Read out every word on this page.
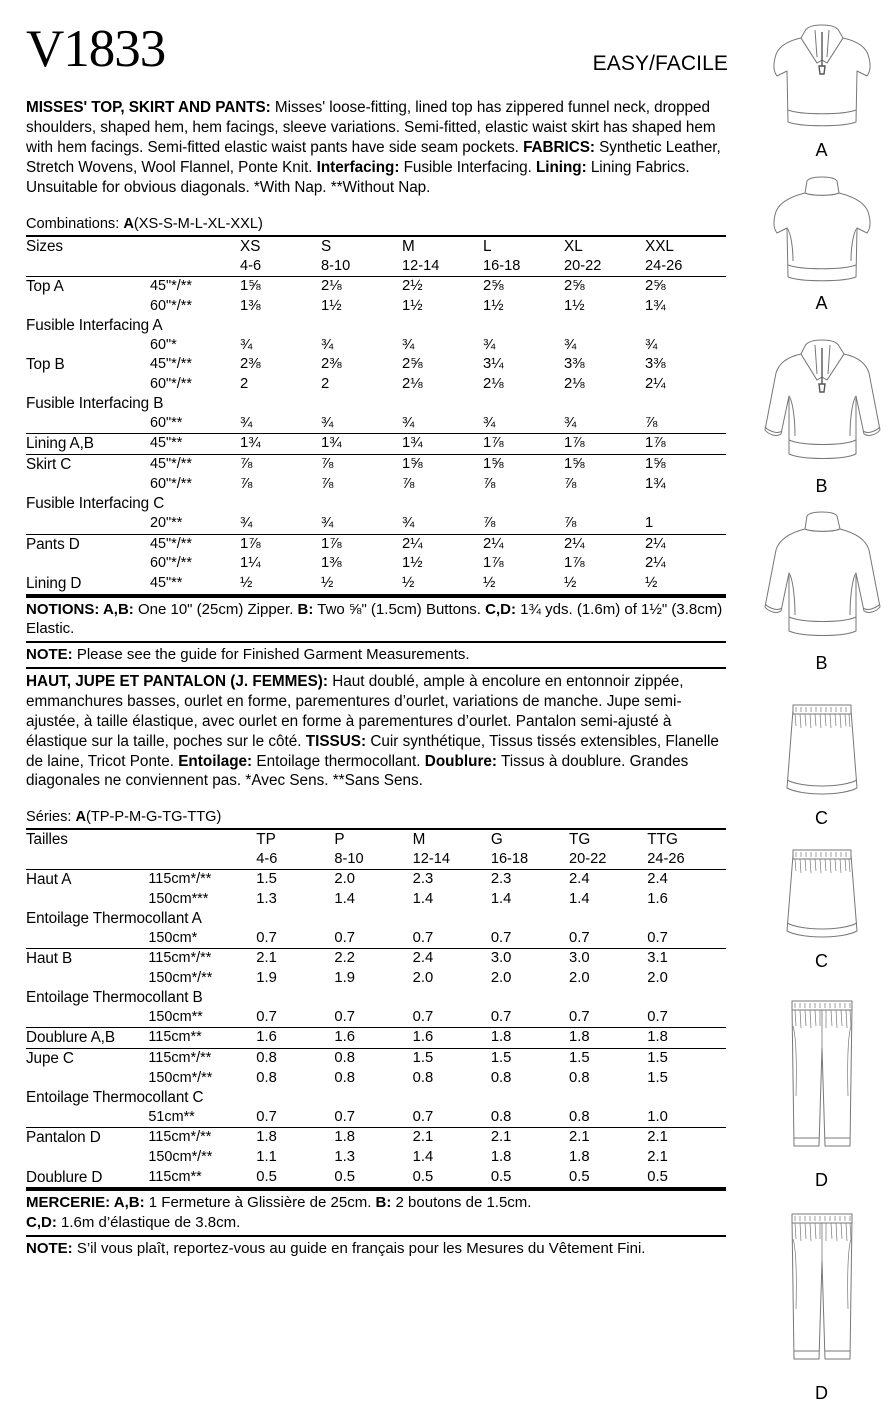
V1833	EASY/FACILE
MISSES' TOP, SKIRT AND PANTS: Misses' loose-fitting, lined top has zippered funnel neck, dropped shoulders, shaped hem, hem facings, sleeve variations. Semi-fitted, elastic waist skirt has shaped hem with hem facings. Semi-fitted elastic waist pants have side seam pockets. FABRICS: Synthetic Leather, Stretch Wovens, Wool Flannel, Ponte Knit. Interfacing: Fusible Interfacing. Lining: Lining Fabrics. Unsuitable for obvious diagonals. *With Nap. **Without Nap.
Combinations: A(XS-S-M-L-XL-XXL)
Sizes		XS	S	M	L	XL	XXL
		4-6	8-10	12-14	16-18	20-22	24-26
Top A	45"*/**	1⅝	2⅛	2½	2⅝	2⅝	2⅝
	60"*/**	1⅜	1½	1½	1½	1½	1¾
Fusible Interfacing A							
	60"*	¾	¾	¾	¾	¾	¾
Top B	45"*/**	2⅜	2⅜	2⅝	3¼	3⅜	3⅜
	60"*/**	2	2	2⅛	2⅛	2⅛	2¼
Fusible Interfacing B							
	60"**	¾	¾	¾	¾	¾	⅞
Lining A,B	45"**	1¾	1¾	1¾	1⅞	1⅞	1⅞
Skirt C	45"*/**	⅞	⅞	1⅝	1⅝	1⅝	1⅝
	60"*/**	⅞	⅞	⅞	⅞	⅞	1¾
Fusible Interfacing C							
	20"**	¾	¾	¾	⅞	⅞	1
Pants D	45"*/**	1⅞	1⅞	2¼	2¼	2¼	2¼
	60"*/**	1¼	1⅜	1½	1⅞	1⅞	2¼
Lining D	45"**	½	½	½	½	½	½
NOTIONS: A,B: One 10" (25cm) Zipper. B: Two ⅝" (1.5cm) Buttons. C,D: 1¾ yds. (1.6m) of 1½" (3.8cm) Elastic.
NOTE: Please see the guide for Finished Garment Measurements.
HAUT, JUPE ET PANTALON (J. FEMMES): Haut doublé, ample à encolure en entonnoir zippée, emmanchures basses, ourlet en forme, parementures d’ourlet, variations de manche. Jupe semi-ajustée, à taille élastique, avec ourlet en forme à parementures d’ourlet. Pantalon semi-ajusté à élastique sur la taille, poches sur le côté. TISSUS: Cuir synthétique, Tissus tissés extensibles, Flanelle de laine, Tricot Ponte. Entoilage: Entoilage thermocollant. Doublure: Tissus à doublure. Grandes diagonales ne conviennent pas. *Avec Sens. **Sans Sens.
Séries: A(TP-P-M-G-TG-TTG)
Tailles		TP	P	M	G	TG	TTG
		4-6	8-10	12-14	16-18	20-22	24-26
Haut A	115cm*/**	1.5	2.0	2.3	2.3	2.4	2.4
	150cm***	1.3	1.4	1.4	1.4	1.4	1.6
Entoilage Thermocollant A							
	150cm*	0.7	0.7	0.7	0.7	0.7	0.7
Haut B	115cm*/**	2.1	2.2	2.4	3.0	3.0	3.1
	150cm*/**	1.9	1.9	2.0	2.0	2.0	2.0
Entoilage Thermocollant B							
	150cm**	0.7	0.7	0.7	0.7	0.7	0.7
Doublure A,B	115cm**	1.6	1.6	1.6	1.8	1.8	1.8
Jupe C	115cm*/**	0.8	0.8	1.5	1.5	1.5	1.5
	150cm*/**	0.8	0.8	0.8	0.8	0.8	1.5
Entoilage Thermocollant C							
	51cm**	0.7	0.7	0.7	0.8	0.8	1.0
Pantalon D	115cm*/**	1.8	1.8	2.1	2.1	2.1	2.1
	150cm*/**	1.1	1.3	1.4	1.8	1.8	2.1
Doublure D	115cm**	0.5	0.5	0.5	0.5	0.5	0.5
MERCERIE: A,B: 1 Fermeture à Glissière de 25cm. B: 2 boutons de 1.5cm.
C,D: 1.6m d’élastique de 3.8cm.
NOTE: S’il vous plaît, reportez-vous au guide en français pour les Mesures du Vêtement Fini.
A
A
B
B
C
C
D
D
